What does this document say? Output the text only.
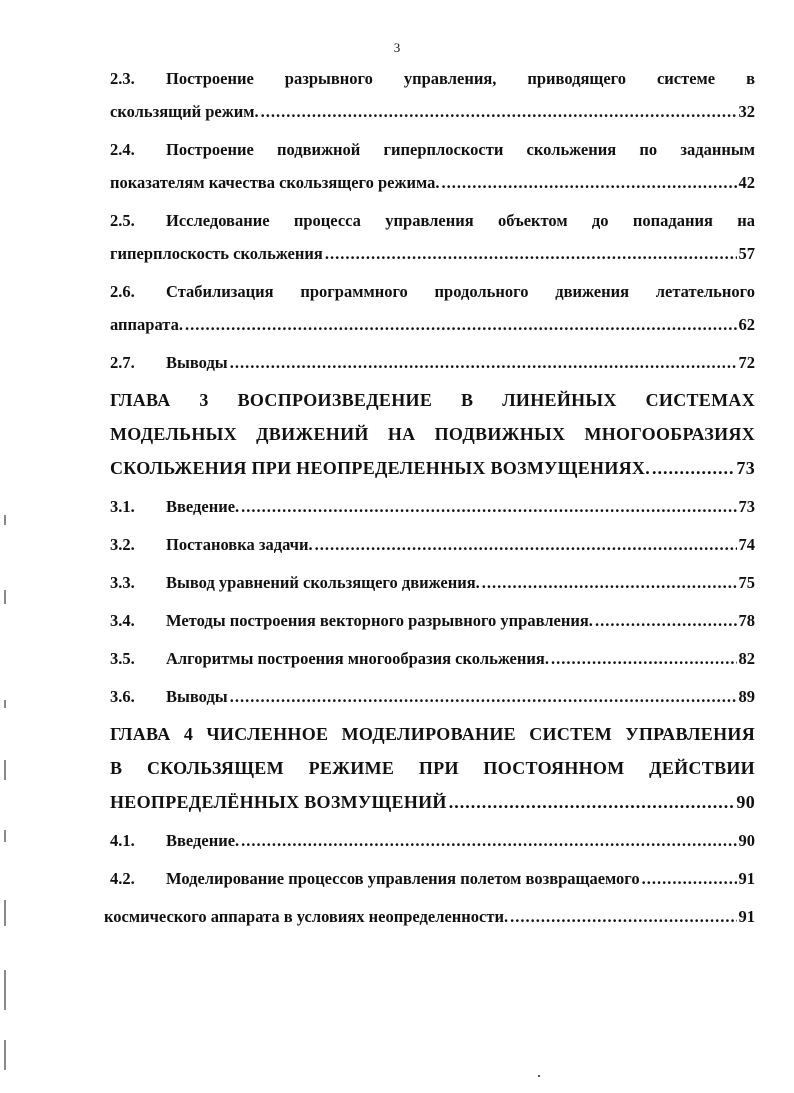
3
2.3.	Построение разрывного управления, приводящего системе в
скользящий режим. .....	32
2.4.	Построение подвижной гиперплоскости скольжения по заданным
показателям качества скользящего режима. .....	42
2.5.	Исследование процесса управления объектом до попадания на
гиперплоскость скольжения .....	57
2.6.	Стабилизация программного продольного движения летательного
аппарата. .....	62
2.7.	Выводы .....	72
ГЛАВА 3 ВОСПРОИЗВЕДЕНИЕ В ЛИНЕЙНЫХ СИСТЕМАХ
МОДЕЛЬНЫХ ДВИЖЕНИЙ НА ПОДВИЖНЫХ МНОГООБРАЗИЯХ
СКОЛЬЖЕНИЯ ПРИ НЕОПРЕДЕЛЕННЫХ ВОЗМУЩЕНИЯХ. .....	73
3.1.	Введение. .....	73
3.2.	Постановка задачи. .....	74
3.3.	Вывод уравнений скользящего движения. .....	75
3.4.	Методы построения векторного разрывного управления. .....	78
3.5.	Алгоритмы построения многообразия скольжения. .....	82
3.6.	Выводы .....	89
ГЛАВА 4 ЧИСЛЕННОЕ МОДЕЛИРОВАНИЕ СИСТЕМ УПРАВЛЕНИЯ
В СКОЛЬЗЯЩЕМ РЕЖИМЕ ПРИ ПОСТОЯННОМ ДЕЙСТВИИ
НЕОПРЕДЕЛЁННЫХ ВОЗМУЩЕНИЙ .....	90
4.1.	Введение. .....	90
4.2.	Моделирование процессов управления полетом возвращаемого .....	91
космического аппарата в условиях неопределенности. .....	91
